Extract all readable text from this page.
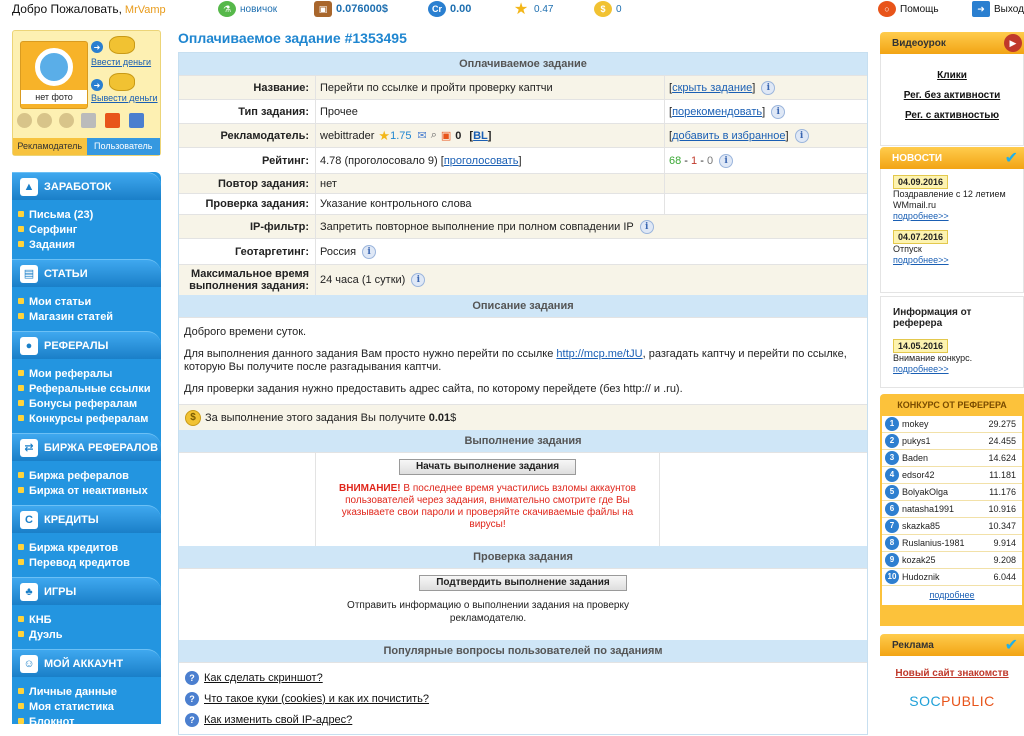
Добро Пожаловать, MrVamp	⚗ новичок	▣ 0.076000$	Cr 0.00	★ 0.47	$	0	○	Помощь	➜ Выход
нет фото
➜
Ввести деньги
➜
Вывести деньги
Рекламодатель	Пользователь
▲ ЗАРАБОТОК
Письма (23)
Серфинг
Задания
▤ СТАТЬИ
Мои статьи
Магазин статей
●	РЕФЕРАЛЫ
Мои рефералы
Реферальные ссылки
Бонусы рефералам
Конкурсы рефералам
⇄ БИРЖА РЕФЕРАЛОВ
Биржа рефералов
Биржа от неактивных
C	КРЕДИТЫ
Биржа кредитов
Перевод кредитов
♣	ИГРЫ
КНБ
Дуэль
☺ МОЙ АККАУНТ
Личные данные
Моя статистика
Блокнот
Оплачиваемое задание #1353495
Оплачиваемое задание
Название:	Перейти по ссылке и пройти проверку каптчи	[ скрыть задание ]	i
Тип задания:	Прочее	[ порекомендовать ]	i
Рекламодатель:	webittrader ★ 1.75 ✉ ⌕ ▣ 0 [BL]	[ добавить в избранное ]	i
Рейтинг:	4.78 (проголосовало 9) [ проголосовать ]	68 - 1 - 0	i
Повтор задания:	нет
Проверка задания:	Указание контрольного слова
IP-фильтр:	Запретить повторное выполнение при полном совпадении IP	i
Геотаргетинг:	Россия	i
Максимальное время выполнения задания:	24 часа (1 сутки)	i
Описание задания

Доброго времени суток.

Для выполнения данного задания Вам просто нужно перейти по ссылке http://mcp.me/tJU, разгадать каптчу и перейти по ссылке, которую Вы получите после разгадывания каптчи.

Для проверки задания нужно предоставить адрес сайта, по которому перейдете (без http:// и .ru).

$ За выполнение этого задания Вы получите
0.01 $
Выполнение задания
Начать выполнение задания
ВНИМАНИЕ! В последнее время участились взломы аккаунтов пользователей через задания, внимательно смотрите где Вы указываете свои пароли и проверяйте скачиваемые файлы на вирусы!
Проверка задания
Подтвердить выполнение задания
Отправить информацию о выполнении задания на проверку рекламодателю.
Популярные вопросы пользователей по заданиям
? Как сделать скриншот?
? Что такое куки (cookies) и как их почистить?
? Как изменить свой IP-адрес?
Видеоурок	▶
Клики
Рег. без активности
Рег. с активностью
НОВОСТИ	✔
04.09.2016
Поздравление с 12 летием WMmail.ru
подробнее>>
04.07.2016
Отпуск
подробнее>>
Информация от реферера
14.05.2016
Внимание конкурс.
подробнее>>
КОНКУРС ОТ РЕФЕРЕРА
1 mokey	29.275
2 pukys1	24.455
3 Baden	14.624
4 edsor42	11.181
5 BolyakOlga	11.176
6 natasha1991	10.916
7 skazka85	10.347
8 Ruslanius-1981	9.914
9 kozak25	9.208
10 Hudoznik	6.044
подробнее
Реклама	✔
Новый сайт знакомств
SOCPUBLIC
